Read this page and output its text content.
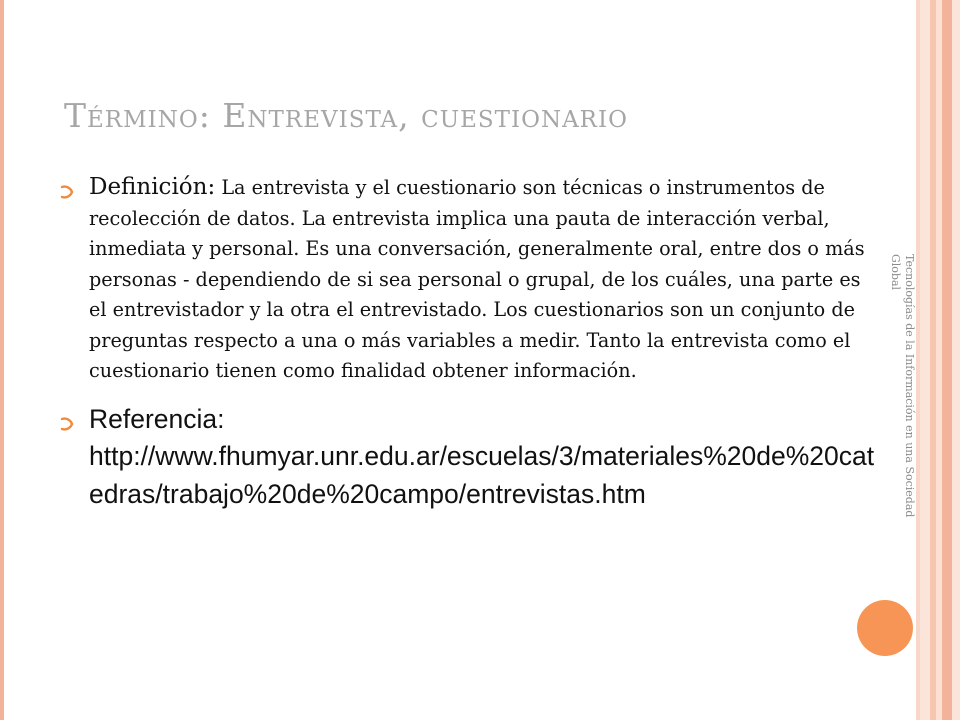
Término: Entrevista, cuestionario
Definición: La entrevista y el cuestionario son técnicas o instrumentos de recolección de datos. La entrevista implica una pauta de interacción verbal, inmediata y personal. Es una conversación, generalmente oral, entre dos o más personas - dependiendo de si sea personal o grupal, de los cuáles, una parte es el entrevistador y la otra el entrevistado. Los cuestionarios son un conjunto de preguntas respecto a una o más variables a medir. Tanto la entrevista como el cuestionario tienen como finalidad obtener información.
Referencia:
http://www.fhumyar.unr.edu.ar/escuelas/3/materiales%20de%20catedras/trabajo%20de%20campo/entrevistas.htm	Tecnologías de la Información en una Sociedad Global
